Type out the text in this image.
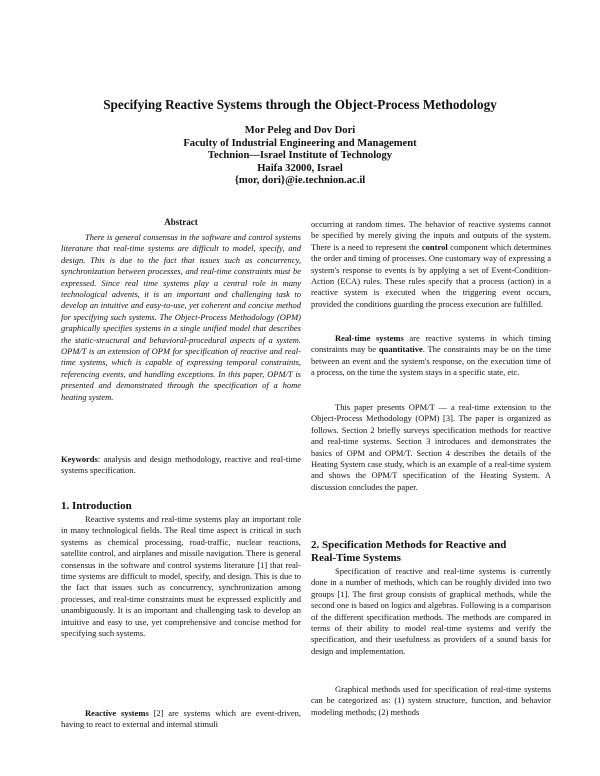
Specifying Reactive Systems through the Object-Process Methodology
Mor Peleg and Dov Dori
Faculty of Industrial Engineering and Management
Technion—Israel Institute of Technology
Haifa 32000, Israel
{mor, dori}@ie.technion.ac.il
Abstract
There is general consensus in the software and control systems literature that real-time systems are difficult to model, specify, and design. This is due to the fact that issues such as concurrency, synchronization between processes, and real-time constraints must be expressed. Since real time systems play a central role in many technological advents, it is an important and challenging task to develop an intuitive and easy-to-use, yet coherent and concise method for specifying such systems. The Object-Process Methodology (OPM) graphically specifies systems in a single unified model that describes the static-structural and behavioral-procedural aspects of a system. OPM/T is an extension of OPM for specification of reactive and real-time systems, which is capable of expressing temporal constraints, referencing events, and handling exceptions. In this paper, OPM/T is presented and demonstrated through the specification of a home heating system.
Keywords: analysis and design methodology, reactive and real-time systems specification.
1. Introduction
Reactive systems and real-time systems play an important role in many technological fields. The Real time aspect is critical in such systems as chemical processing, road-traffic, nuclear reactions, satellite control, and airplanes and missile navigation. There is general consensus in the software and control systems literature [1] that real-time systems are difficult to model, specify, and design. This is due to the fact that issues such as concurrency, synchronization among processes, and real-time constraints must be expressed explicitly and unambiguously. It is an important and challenging task to develop an intuitive and easy to use, yet comprehensive and concise method for specifying such systems.
Reactive systems [2] are systems which are event-driven, having to react to external and internal stimuli
occurring at random times. The behavior of reactive systems cannot be specified by merely giving the inputs and outputs of the system. There is a need to represent the control component which determines the order and timing of processes. One customary way of expressing a system's response to events is by applying a set of Event-Condition-Action (ECA) rules. These rules specify that a process (action) in a reactive system is executed when the triggering event occurs, provided the conditions guarding the process execution are fulfilled.
Real-time systems are reactive systems in which timing constraints may be quantitative. The constraints may be on the time between an event and the system's response, on the execution time of a process, on the time the system stays in a specific state, etc.
This paper presents OPM/T — a real-time extension to the Object-Process Methodology (OPM) [3]. The paper is organized as follows. Section 2 briefly surveys specification methods for reactive and real-time systems. Section 3 introduces and demonstrates the basics of OPM and OPM/T. Section 4 describes the details of the Heating System case study, which is an example of a real-time system and shows the OPM/T specification of the Heating System. A discussion concludes the paper.
2. Specification Methods for Reactive and
Real-Time Systems
Specification of reactive and real-time systems is currently done in a number of methods, which can be roughly divided into two groups [1]. The first group consists of graphical methods, while the second one is based on logics and algebras. Following is a comparison of the different specification methods. The methods are compared in terms of their ability to model real-time systems and verify the specification, and their usefulness as providers of a sound basis for design and implementation.
Graphical methods used for specification of real-time systems can be categorized as: (1) system structure, function, and behavior modeling methods; (2) methods
